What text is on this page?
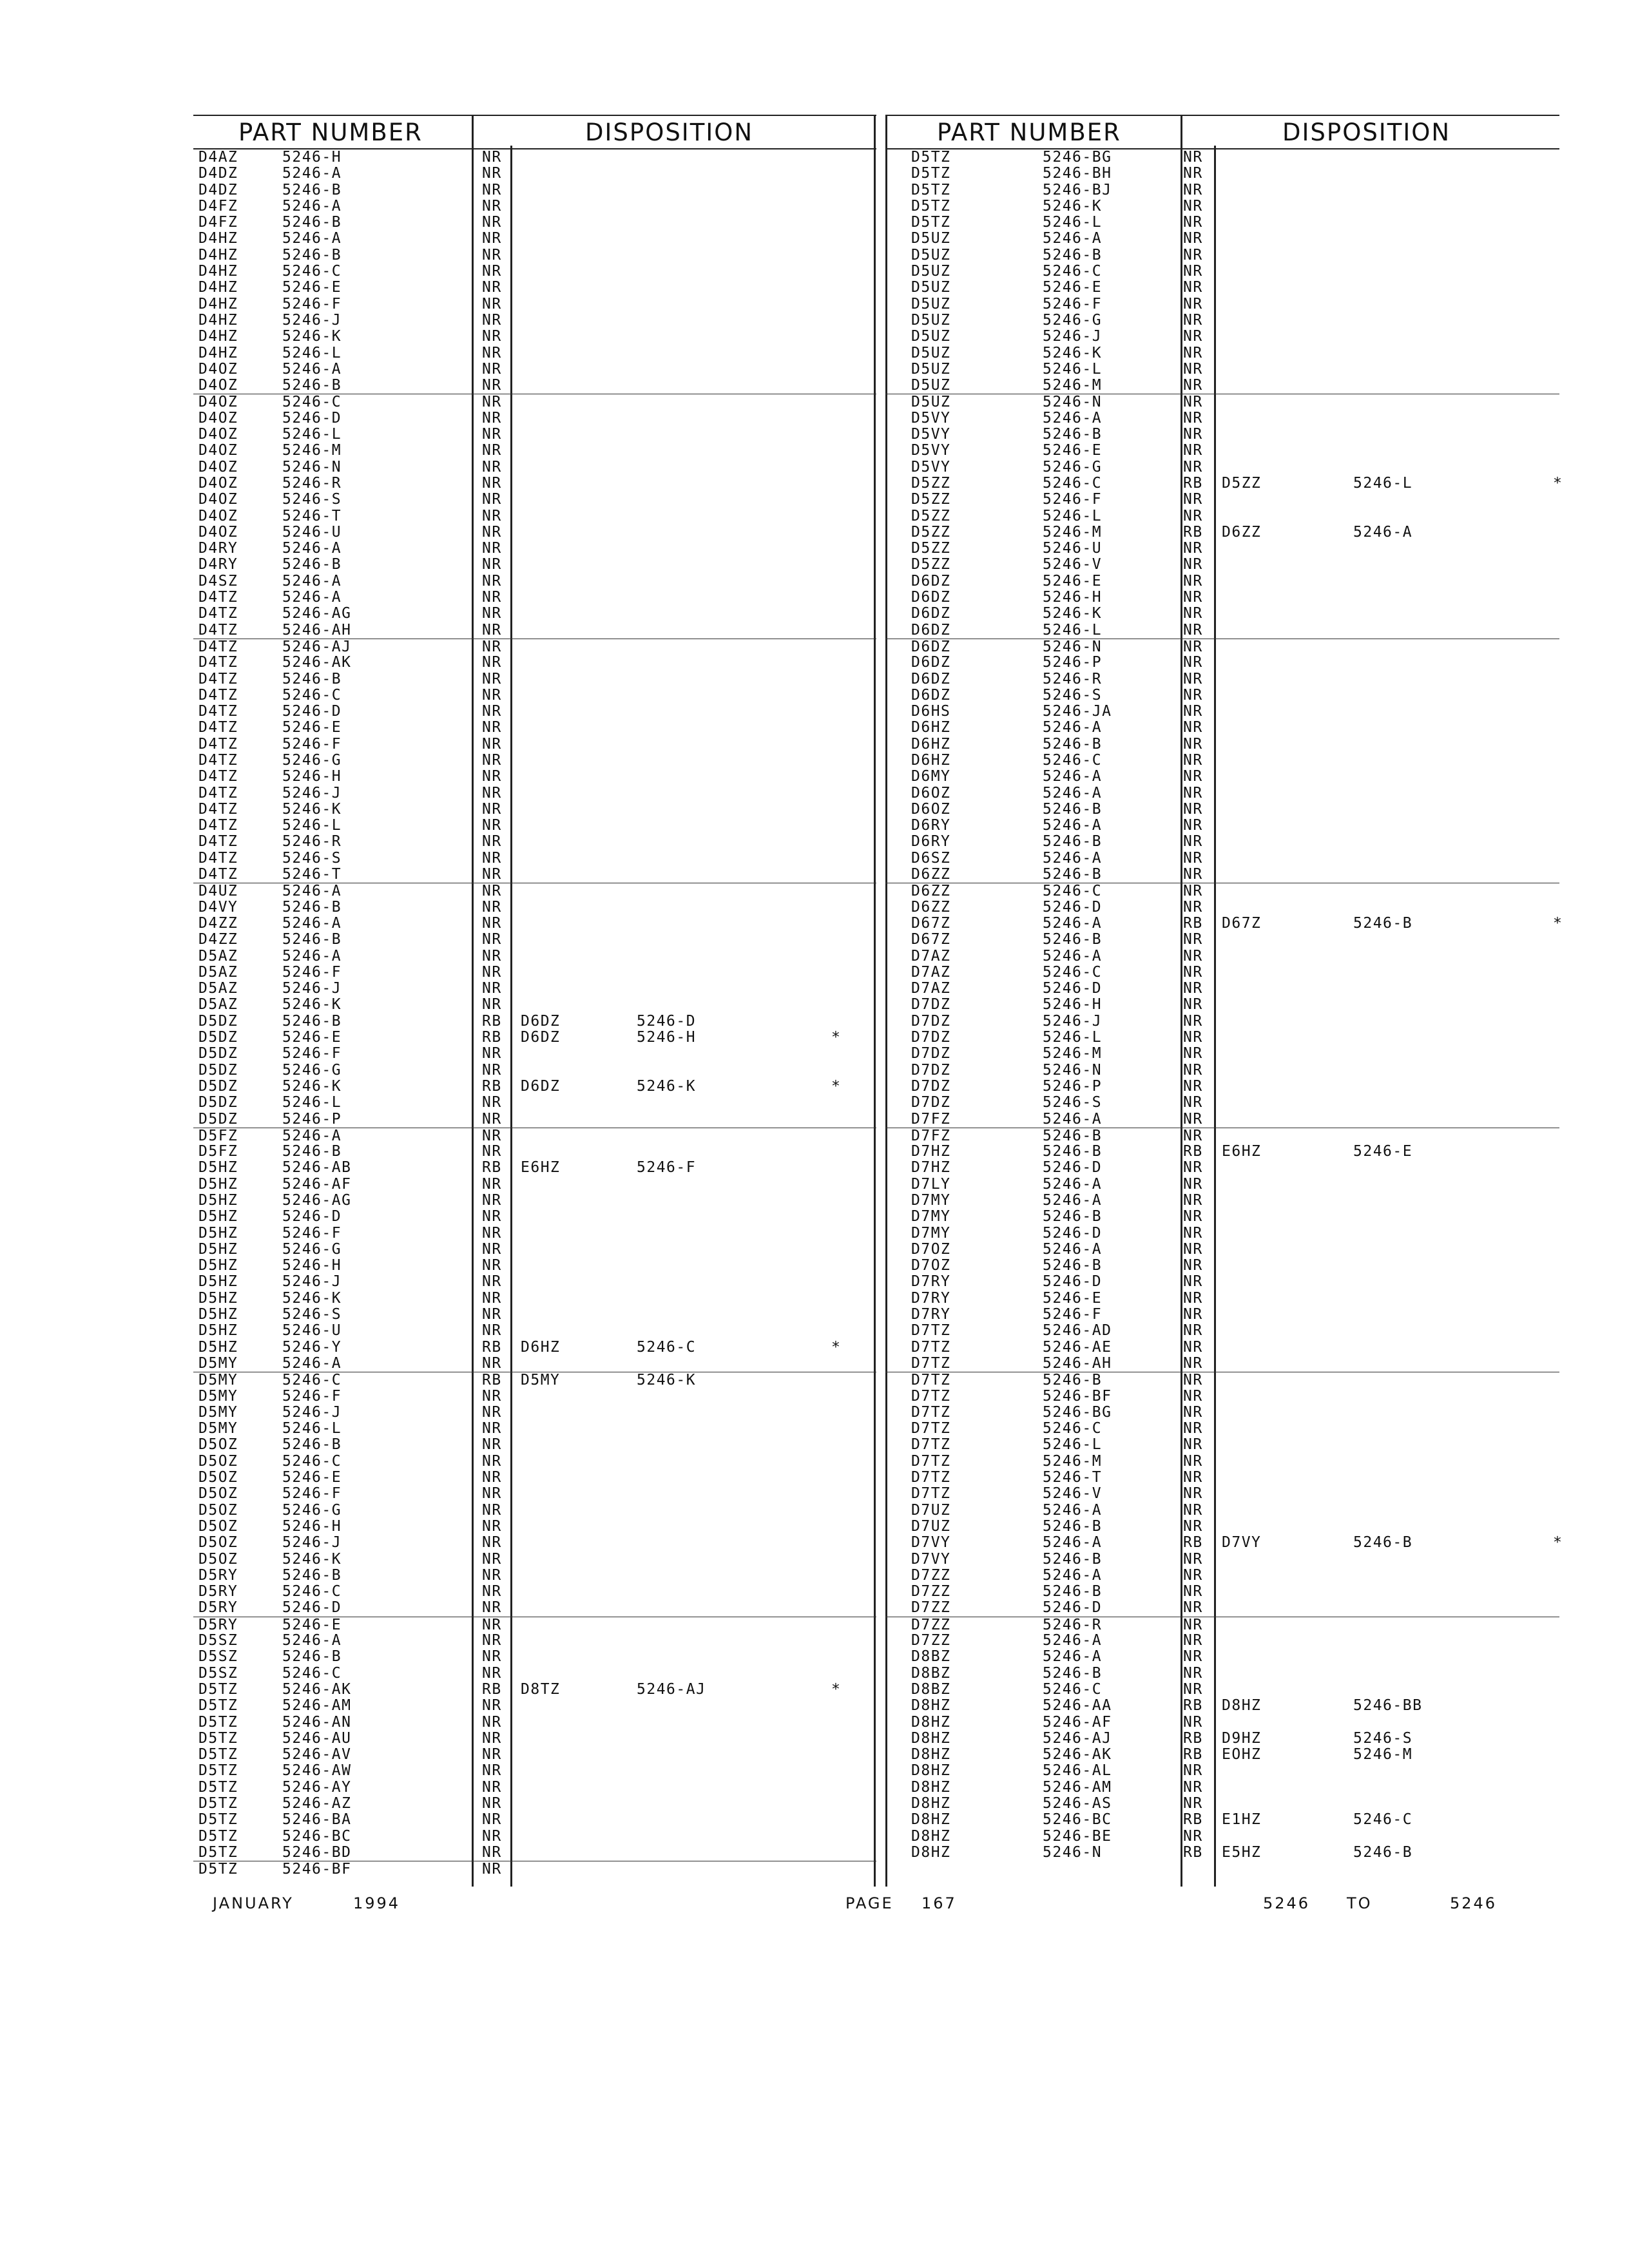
PART NUMBER	DISPOSITION
D4AZ	5246-H	NR
D4DZ	5246-A	NR
D4DZ	5246-B	NR
D4FZ	5246-A	NR
D4FZ	5246-B	NR
D4HZ	5246-A	NR
D4HZ	5246-B	NR
D4HZ	5246-C	NR
D4HZ	5246-E	NR
D4HZ	5246-F	NR
D4HZ	5246-J	NR
D4HZ	5246-K	NR
D4HZ	5246-L	NR
D4OZ	5246-A	NR
D4OZ	5246-B	NR
D4OZ	5246-C	NR
D4OZ	5246-D	NR
D4OZ	5246-L	NR
D4OZ	5246-M	NR
D4OZ	5246-N	NR
D4OZ	5246-R	NR
D4OZ	5246-S	NR
D4OZ	5246-T	NR
D4OZ	5246-U	NR
D4RY	5246-A	NR
D4RY	5246-B	NR
D4SZ	5246-A	NR
D4TZ	5246-A	NR
D4TZ	5246-AG	NR
D4TZ	5246-AH	NR
D4TZ	5246-AJ	NR
D4TZ	5246-AK	NR
D4TZ	5246-B	NR
D4TZ	5246-C	NR
D4TZ	5246-D	NR
D4TZ	5246-E	NR
D4TZ	5246-F	NR
D4TZ	5246-G	NR
D4TZ	5246-H	NR
D4TZ	5246-J	NR
D4TZ	5246-K	NR
D4TZ	5246-L	NR
D4TZ	5246-R	NR
D4TZ	5246-S	NR
D4TZ	5246-T	NR
D4UZ	5246-A	NR
D4VY	5246-B	NR
D4ZZ	5246-A	NR
D4ZZ	5246-B	NR
D5AZ	5246-A	NR
D5AZ	5246-F	NR
D5AZ	5246-J	NR
D5AZ	5246-K	NR
D5DZ	5246-B	RB D6DZ	5246-D
D5DZ	5246-E	RB D6DZ	5246-H	*
D5DZ	5246-F	NR
D5DZ	5246-G	NR
D5DZ	5246-K	RB D6DZ	5246-K	*
D5DZ	5246-L	NR
D5DZ	5246-P	NR
D5FZ	5246-A	NR
D5FZ	5246-B	NR
D5HZ	5246-AB	RB E6HZ	5246-F
D5HZ	5246-AF	NR
D5HZ	5246-AG	NR
D5HZ	5246-D	NR
D5HZ	5246-F	NR
D5HZ	5246-G	NR
D5HZ	5246-H	NR
D5HZ	5246-J	NR
D5HZ	5246-K	NR
D5HZ	5246-S	NR
D5HZ	5246-U	NR
D5HZ	5246-Y	RB D6HZ	5246-C	*
D5MY	5246-A	NR
D5MY	5246-C	RB D5MY	5246-K
D5MY	5246-F	NR
D5MY	5246-J	NR
D5MY	5246-L	NR
D5OZ	5246-B	NR
D5OZ	5246-C	NR
D5OZ	5246-E	NR
D5OZ	5246-F	NR
D5OZ	5246-G	NR
D5OZ	5246-H	NR
D5OZ	5246-J	NR
D5OZ	5246-K	NR
D5RY	5246-B	NR
D5RY	5246-C	NR
D5RY	5246-D	NR
D5RY	5246-E	NR
D5SZ	5246-A	NR
D5SZ	5246-B	NR
D5SZ	5246-C	NR
D5TZ	5246-AK	RB D8TZ	5246-AJ	*
D5TZ	5246-AM	NR
D5TZ	5246-AN	NR
D5TZ	5246-AU	NR
D5TZ	5246-AV	NR
D5TZ	5246-AW	NR
D5TZ	5246-AY	NR
D5TZ	5246-AZ	NR
D5TZ	5246-BA	NR
D5TZ	5246-BC	NR
D5TZ	5246-BD	NR
D5TZ	5246-BF	NR
PART NUMBER	DISPOSITION
D5TZ	5246-BG	NR
D5TZ	5246-BH	NR
D5TZ	5246-BJ	NR
D5TZ	5246-K	NR
D5TZ	5246-L	NR
D5UZ	5246-A	NR
D5UZ	5246-B	NR
D5UZ	5246-C	NR
D5UZ	5246-E	NR
D5UZ	5246-F	NR
D5UZ	5246-G	NR
D5UZ	5246-J	NR
D5UZ	5246-K	NR
D5UZ	5246-L	NR
D5UZ	5246-M	NR
D5UZ	5246-N	NR
D5VY	5246-A	NR
D5VY	5246-B	NR
D5VY	5246-E	NR
D5VY	5246-G	NR
D5ZZ	5246-C	RB D5ZZ	5246-L	*
D5ZZ	5246-F	NR
D5ZZ	5246-L	NR
D5ZZ	5246-M	RB D6ZZ	5246-A
D5ZZ	5246-U	NR
D5ZZ	5246-V	NR
D6DZ	5246-E	NR
D6DZ	5246-H	NR
D6DZ	5246-K	NR
D6DZ	5246-L	NR
D6DZ	5246-N	NR
D6DZ	5246-P	NR
D6DZ	5246-R	NR
D6DZ	5246-S	NR
D6HS	5246-JA	NR
D6HZ	5246-A	NR
D6HZ	5246-B	NR
D6HZ	5246-C	NR
D6MY	5246-A	NR
D6OZ	5246-A	NR
D6OZ	5246-B	NR
D6RY	5246-A	NR
D6RY	5246-B	NR
D6SZ	5246-A	NR
D6ZZ	5246-B	NR
D6ZZ	5246-C	NR
D6ZZ	5246-D	NR
D67Z	5246-A	RB D67Z	5246-B	*
D67Z	5246-B	NR
D7AZ	5246-A	NR
D7AZ	5246-C	NR
D7AZ	5246-D	NR
D7DZ	5246-H	NR
D7DZ	5246-J	NR
D7DZ	5246-L	NR
D7DZ	5246-M	NR
D7DZ	5246-N	NR
D7DZ	5246-P	NR
D7DZ	5246-S	NR
D7FZ	5246-A	NR
D7FZ	5246-B	NR
D7HZ	5246-B	RB E6HZ	5246-E
D7HZ	5246-D	NR
D7LY	5246-A	NR
D7MY	5246-A	NR
D7MY	5246-B	NR
D7MY	5246-D	NR
D7OZ	5246-A	NR
D7OZ	5246-B	NR
D7RY	5246-D	NR
D7RY	5246-E	NR
D7RY	5246-F	NR
D7TZ	5246-AD	NR
D7TZ	5246-AE	NR
D7TZ	5246-AH	NR
D7TZ	5246-B	NR
D7TZ	5246-BF	NR
D7TZ	5246-BG	NR
D7TZ	5246-C	NR
D7TZ	5246-L	NR
D7TZ	5246-M	NR
D7TZ	5246-T	NR
D7TZ	5246-V	NR
D7UZ	5246-A	NR
D7UZ	5246-B	NR
D7VY	5246-A	RB D7VY	5246-B	*
D7VY	5246-B	NR
D7ZZ	5246-A	NR
D7ZZ	5246-B	NR
D7ZZ	5246-D	NR
D7ZZ	5246-R	NR
D7ZZ	5246-A	NR
D8BZ	5246-A	NR
D8BZ	5246-B	NR
D8BZ	5246-C	NR
D8HZ	5246-AA	RB D8HZ	5246-BB
D8HZ	5246-AF	NR
D8HZ	5246-AJ	RB D9HZ	5246-S
D8HZ	5246-AK	RB EOHZ	5246-M
D8HZ	5246-AL	NR
D8HZ	5246-AM	NR
D8HZ	5246-AS	NR
D8HZ	5246-BC	RB E1HZ	5246-C
D8HZ	5246-BE	NR
D8HZ	5246-N	RB E5HZ	5246-B
JANUARY	1994	PAGE 167	5246 TO	5246
